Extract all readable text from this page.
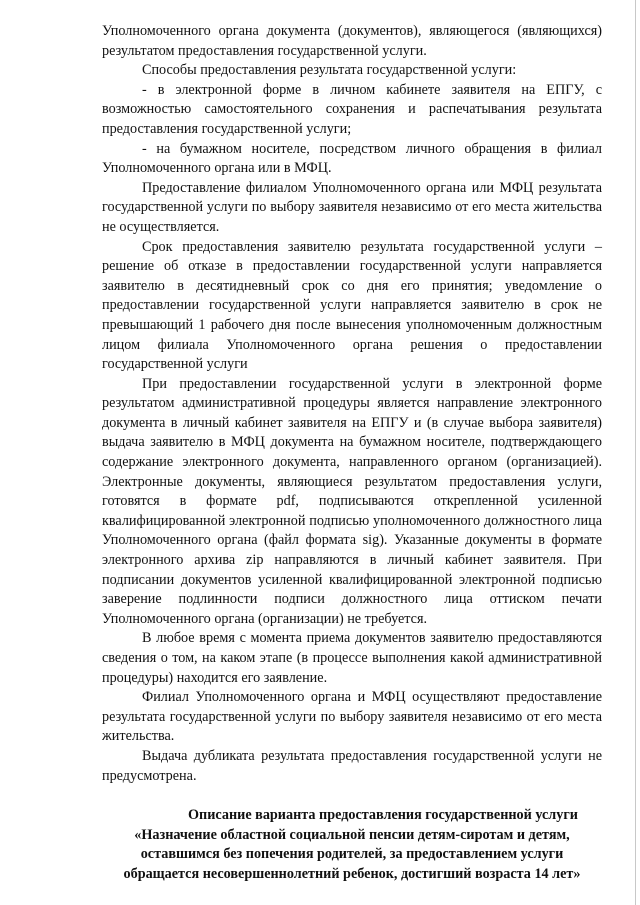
Уполномоченного органа документа (документов), являющегося (являющихся) результатом предоставления государственной услуги.

Способы предоставления результата государственной услуги:

- в электронной форме в личном кабинете заявителя на ЕПГУ, с возможностью самостоятельного сохранения и распечатывания результата предоставления государственной услуги;

- на бумажном носителе, посредством личного обращения в филиал Уполномоченного органа или в МФЦ.

Предоставление филиалом Уполномоченного органа или МФЦ результата государственной услуги по выбору заявителя независимо от его места жительства не осуществляется.

Срок предоставления заявителю результата государственной услуги – решение об отказе в предоставлении государственной услуги направляется заявителю в десятидневный срок со дня его принятия; уведомление о предоставлении государственной услуги направляется заявителю в срок не превышающий 1 рабочего дня после вынесения уполномоченным должностным лицом филиала Уполномоченного органа решения о предоставлении государственной услуги

При предоставлении государственной услуги в электронной форме результатом административной процедуры является направление электронного документа в личный кабинет заявителя на ЕПГУ и (в случае выбора заявителя) выдача заявителю в МФЦ документа на бумажном носителе, подтверждающего содержание электронного документа, направленного органом (организацией). Электронные документы, являющиеся результатом предоставления услуги, готовятся в формате pdf, подписываются открепленной усиленной квалифицированной электронной подписью уполномоченного должностного лица Уполномоченного органа (файл формата sig). Указанные документы в формате электронного архива zip направляются в личный кабинет заявителя. При подписании документов усиленной квалифицированной электронной подписью заверение подлинности подписи должностного лица оттиском печати Уполномоченного органа (организации) не требуется.

В любое время с момента приема документов заявителю предоставляются сведения о том, на каком этапе (в процессе выполнения какой административной процедуры) находится его заявление.

Филиал Уполномоченного органа и МФЦ осуществляют предоставление результата государственной услуги по выбору заявителя независимо от его места жительства.

Выдача дубликата результата предоставления государственной услуги не предусмотрена.

Описание варианта предоставления государственной услуги
«Назначение областной социальной пенсии детям-сиротам и детям,
оставшимся без попечения родителей, за предоставлением услуги
обращается несовершеннолетний ребенок, достигший возраста 14 лет»
